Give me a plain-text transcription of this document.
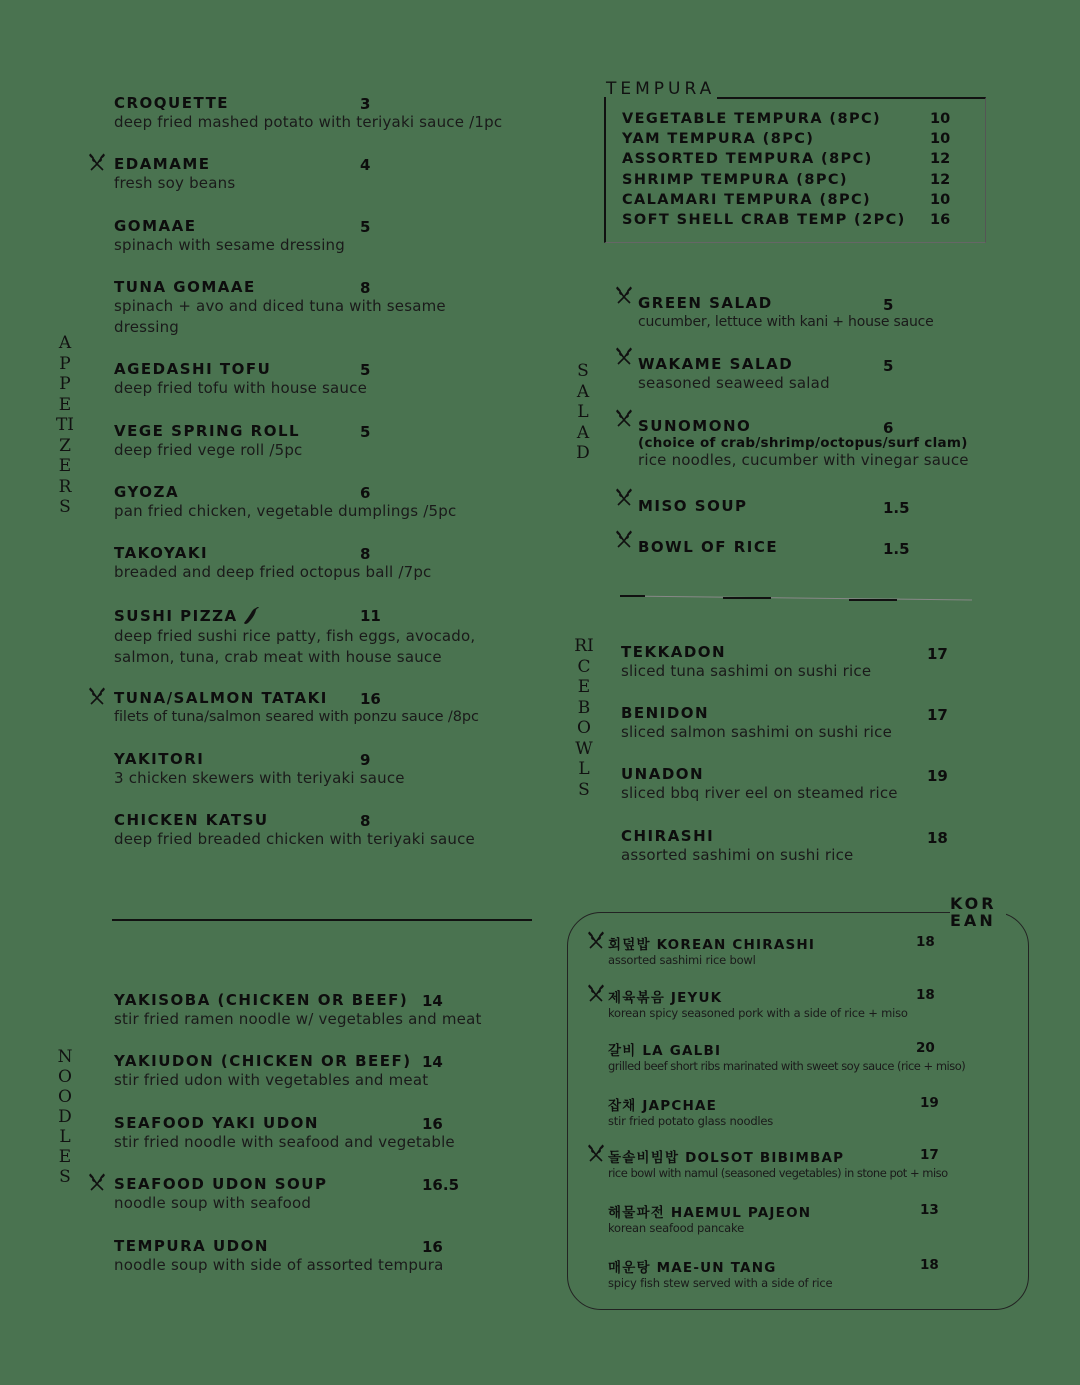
APPETIZERS
CROQUETTE	3
deep fried mashed potato with teriyaki sauce /1pc
EDAMAME	4
fresh soy beans
GOMAAE	5
spinach with sesame dressing
TUNA GOMAAE	8
spinach + avo and diced tuna with sesame dressing
AGEDASHI TOFU	5
deep fried tofu with house sauce
VEGE SPRING ROLL	5
deep fried vege roll /5pc
GYOZA	6
pan fried chicken, vegetable dumplings /5pc
TAKOYAKI	8
breaded and deep fried octopus ball /7pc
SUSHI PIZZA	11
deep fried sushi rice patty, fish eggs, avocado, salmon, tuna, crab meat with house sauce
TUNA/SALMON TATAKI	16
filets of tuna/salmon seared with ponzu sauce /8pc
YAKITORI	9
3 chicken skewers with teriyaki sauce
CHICKEN KATSU	8
deep fried breaded chicken with teriyaki sauce
NOODLES
YAKISOBA (CHICKEN OR BEEF) 14
stir fried ramen noodle w/ vegetables and meat
YAKIUDON (CHICKEN OR BEEF) 14
stir fried udon with vegetables and meat
SEAFOOD YAKI UDON	16
stir fried noodle with seafood and vegetable
SEAFOOD UDON SOUP	16.5
noodle soup with seafood
TEMPURA UDON	16
noodle soup with side of assorted tempura
TEMPURA
VEGETABLE TEMPURA (8PC)	10
YAM TEMPURA (8PC)	10
ASSORTED TEMPURA (8PC)	12
SHRIMP TEMPURA (8PC)	12
CALAMARI TEMPURA (8PC)	10
SOFT SHELL CRAB TEMP (2PC) 16
SALAD
GREEN SALAD	5
cucumber, lettuce with kani + house sauce
WAKAME SALAD	5
seasoned seaweed salad
SUNOMONO	6
(choice of crab/shrimp/octopus/surf clam)
rice noodles, cucumber with vinegar sauce
MISO SOUP	1.5
BOWL OF RICE	1.5
RICE BOWLS
TEKKADON	17
sliced tuna sashimi on sushi rice
BENIDON	17
sliced salmon sashimi on sushi rice
UNADON	19
sliced bbq river eel on steamed rice
CHIRASHI	18
assorted sashimi on sushi rice
KOR
EAN
회덮밥 KOREAN CHIRASHI	18
assorted sashimi rice bowl
제육볶음 JEYUK	18
korean spicy seasoned pork with a side of rice + miso
갈비 LA GALBI	20
grilled beef short ribs marinated with sweet soy sauce (rice + miso)
잡채 JAPCHAE	19
stir fried potato glass noodles
돌솥비빔밥 DOLSOT BIBIMBAP	17
rice bowl with namul (seasoned vegetables) in stone pot + miso
해물파전 HAEMUL PAJEON	13
korean seafood pancake
매운탕 MAE-UN TANG	18
spicy fish stew served with a side of rice
